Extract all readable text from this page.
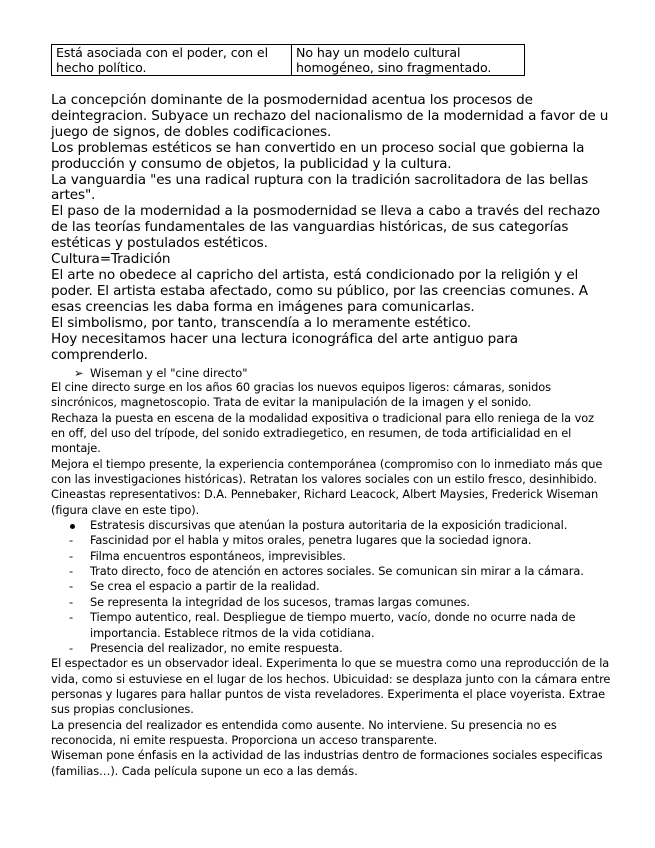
Está asociada con el poder, con el hecho político.	No hay un modelo cultural homogéneo, sino fragmentado.

La concepción dominante de la posmodernidad acentua los procesos de deintegracion. Subyace un rechazo del nacionalismo de la modernidad a favor de u juego de signos, de dobles codificaciones.

Los problemas estéticos se han convertido en un proceso social que gobierna la producción y consumo de objetos, la publicidad y la cultura.

La vanguardia "es una radical ruptura con la tradición sacrolitadora de las bellas artes".

El paso de la modernidad a la posmodernidad se lleva a cabo a través del rechazo de las teorías fundamentales de las vanguardias históricas, de sus categorías estéticas y postulados estéticos.

Cultura=Tradición

El arte no obedece al capricho del artista, está condicionado por la religión y el poder. El artista estaba afectado, como su público, por las creencias comunes. A esas creencias les daba forma en imágenes para comunicarlas.

El simbolismo, por tanto, transcendía a lo meramente estético.

Hoy necesitamos hacer una lectura iconográfica del arte antiguo para comprenderlo.

➢ Wiseman y el "cine directo"

El cine directo surge en los años 60 gracias los nuevos equipos ligeros: cámaras, sonidos sincrónicos, magnetoscopio. Trata de evitar la manipulación de la imagen y el sonido.

Rechaza la puesta en escena de la modalidad expositiva o tradicional para ello reniega de la voz en off, del uso del trípode, del sonido extradiegetico, en resumen, de toda artificialidad en el montaje.

Mejora el tiempo presente, la experiencia contemporánea (compromiso con lo inmediato más que con las investigaciones históricas). Retratan los valores sociales con un estilo fresco, desinhibido.

Cineastas representativos: D.A. Pennebaker, Richard Leacock, Albert Maysies, Frederick Wiseman (figura clave en este tipo).

Estratesis discursivas que atenúan la postura autoritaria de la exposición tradicional.
- Fascinidad por el habla y mitos orales, penetra lugares que la sociedad ignora.
- Filma encuentros espontáneos, imprevisibles.
- Trato directo, foco de atención en actores sociales. Se comunican sin mirar a la cámara.
- Se crea el espacio a partir de la realidad.
- Se representa la integridad de los sucesos, tramas largas comunes.
- Tiempo autentico, real. Despliegue de tiempo muerto, vacío, donde no ocurre nada de importancia. Establece ritmos de la vida cotidiana.
- Presencia del realizador, no emite respuesta.

El espectador es un observador ideal. Experimenta lo que se muestra como una reproducción de la vida, como si estuviese en el lugar de los hechos. Ubicuidad: se desplaza junto con la cámara entre personas y lugares para hallar puntos de vista reveladores. Experimenta el place voyerista. Extrae sus propias conclusiones.

La presencia del realizador es entendida como ausente. No interviene. Su presencia no es reconocida, ni emite respuesta. Proporciona un acceso transparente.

Wiseman pone énfasis en la actividad de las industrias dentro de formaciones sociales especificas (familias…). Cada película supone un eco a las demás.
